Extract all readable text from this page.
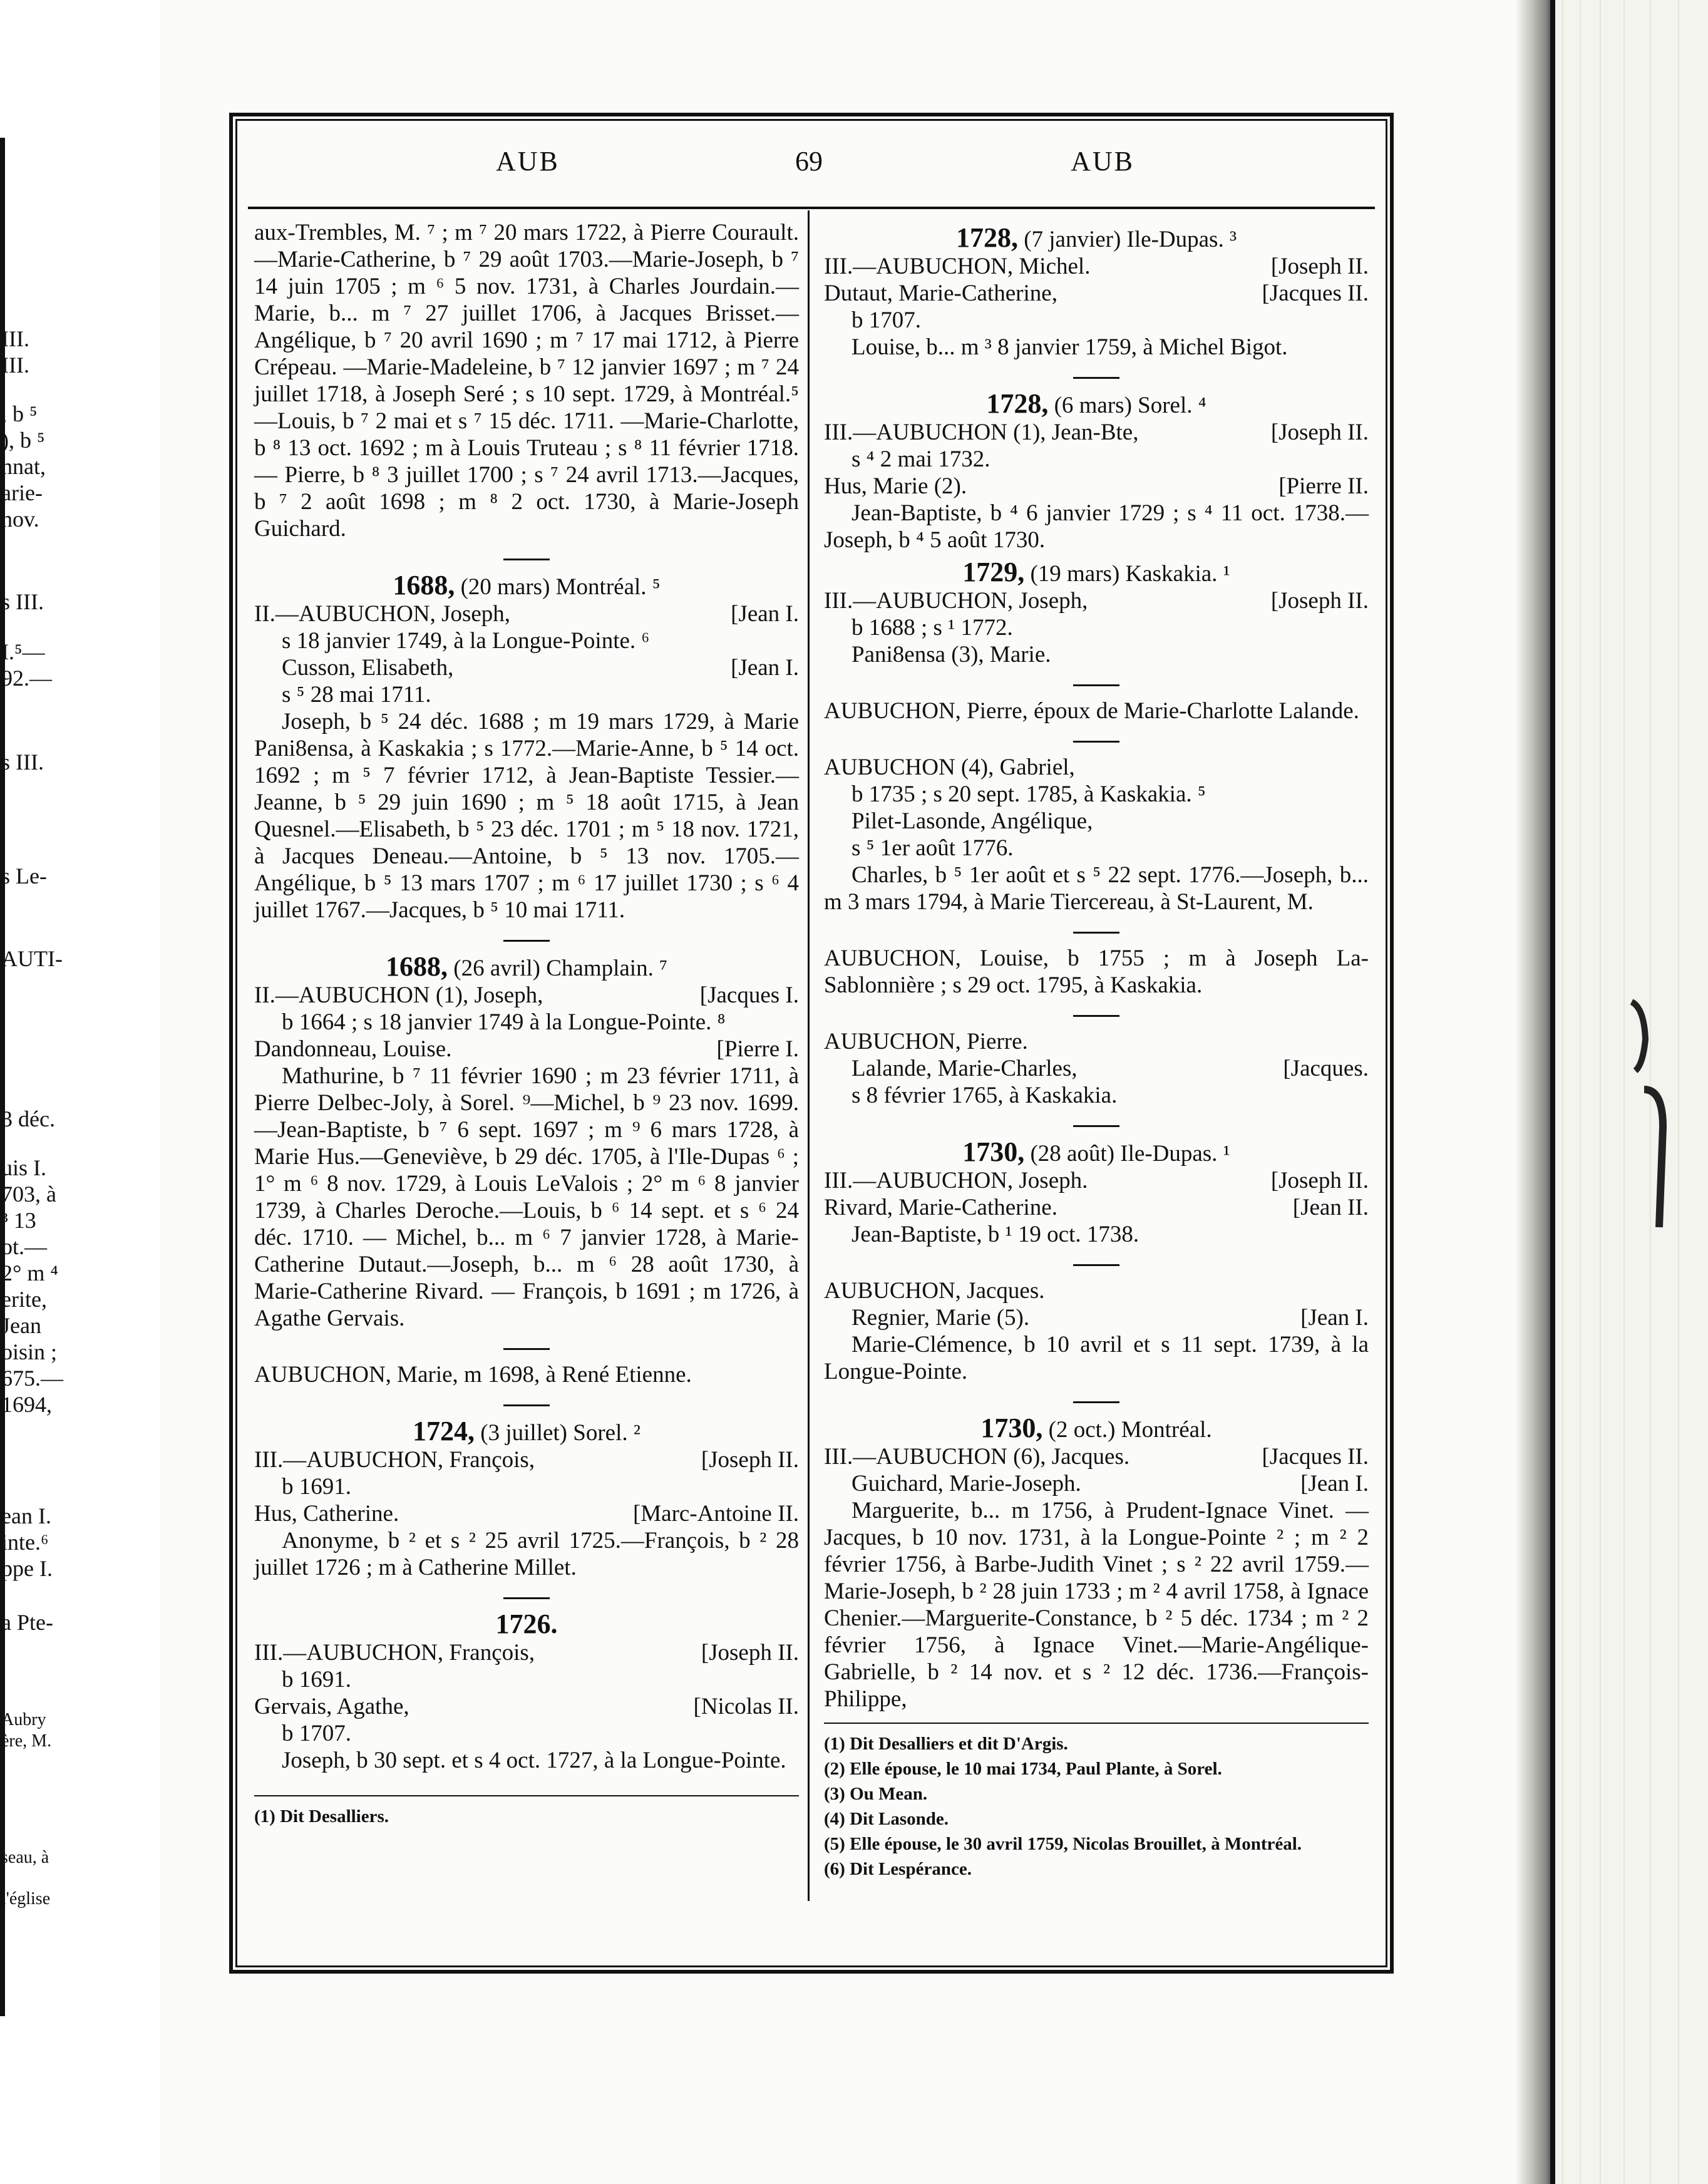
III.
III.
, b ⁵
), b ⁵
nnat,
arie-
nov.
s III.
I.⁵—
92.—
s III.
s Le-
AUTI-
3 déc.
uis I.
703, à
³ 13
ot.—
2° m ⁴
erite,
Jean
oisin ;
675.—
1694,
ean I.
inte.⁶
ppe I.
a Pte-
Aubry
ère, M.
seau, à
l'église
AUB	69	AUB

aux-Trembles, M. ⁷ ; m ⁷ 20 mars 1722, à Pierre Courault.—Marie-Catherine, b ⁷ 29 août 1703.—Marie-Joseph, b ⁷ 14 juin 1705 ; m ⁶ 5 nov. 1731, à Charles Jourdain.—Marie, b... m ⁷ 27 juillet 1706, à Jacques Brisset.—Angélique, b ⁷ 20 avril 1690 ; m ⁷ 17 mai 1712, à Pierre Crépeau. —Marie-Madeleine, b ⁷ 12 janvier 1697 ; m ⁷ 24 juillet 1718, à Joseph Seré ; s 10 sept. 1729, à Montréal.⁵—Louis, b ⁷ 2 mai et s ⁷ 15 déc. 1711. —Marie-Charlotte, b ⁸ 13 oct. 1692 ; m à Louis Truteau ; s ⁸ 11 février 1718. — Pierre, b ⁸ 3 juillet 1700 ; s ⁷ 24 avril 1713.—Jacques, b ⁷ 2 août 1698 ; m ⁸ 2 oct. 1730, à Marie-Joseph Guichard.

1688, (20 mars) Montréal. ⁵
II.—AUBUCHON, Joseph,	[Jean I.
s 18 janvier 1749, à la Longue-Pointe. ⁶
Cusson, Elisabeth,	[Jean I.
s ⁵ 28 mai 1711.

Joseph, b ⁵ 24 déc. 1688 ; m 19 mars 1729, à Marie Pani8ensa, à Kaskakia ; s 1772.—Marie-Anne, b ⁵ 14 oct. 1692 ; m ⁵ 7 février 1712, à Jean-Baptiste Tessier.—Jeanne, b ⁵ 29 juin 1690 ; m ⁵ 18 août 1715, à Jean Quesnel.—Elisabeth, b ⁵ 23 déc. 1701 ; m ⁵ 18 nov. 1721, à Jacques Deneau.—Antoine, b ⁵ 13 nov. 1705.—Angélique, b ⁵ 13 mars 1707 ; m ⁶ 17 juillet 1730 ; s ⁶ 4 juillet 1767.—Jacques, b ⁵ 10 mai 1711.

1688, (26 avril) Champlain. ⁷
II.—AUBUCHON (1), Joseph,	[Jacques I.
b 1664 ; s 18 janvier 1749 à la Longue-Pointe. ⁸
Dandonneau, Louise.	[Pierre I.

Mathurine, b ⁷ 11 février 1690 ; m 23 février 1711, à Pierre Delbec-Joly, à Sorel. ⁹—Michel, b ⁹ 23 nov. 1699.—Jean-Baptiste, b ⁷ 6 sept. 1697 ; m ⁹ 6 mars 1728, à Marie Hus.—Geneviève, b 29 déc. 1705, à l'Ile-Dupas ⁶ ; 1° m ⁶ 8 nov. 1729, à Louis LeValois ; 2° m ⁶ 8 janvier 1739, à Charles Deroche.—Louis, b ⁶ 14 sept. et s ⁶ 24 déc. 1710. — Michel, b... m ⁶ 7 janvier 1728, à Marie-Catherine Dutaut.—Joseph, b... m ⁶ 28 août 1730, à Marie-Catherine Rivard. — François, b 1691 ; m 1726, à Agathe Gervais.

AUBUCHON, Marie, m 1698, à René Etienne.

1724, (3 juillet) Sorel. ²
III.—AUBUCHON, François,	[Joseph II.
b 1691.
Hus, Catherine.	[Marc-Antoine II.

Anonyme, b ² et s ² 25 avril 1725.—François, b ² 28 juillet 1726 ; m à Catherine Millet.

1726.
III.—AUBUCHON, François,	[Joseph II.
b 1691.
Gervais, Agathe,	[Nicolas II.
b 1707.

Joseph, b 30 sept. et s 4 oct. 1727, à la Longue-Pointe.

(1) Dit Desalliers.
1728, (7 janvier) Ile-Dupas. ³
III.—AUBUCHON, Michel.	[Joseph II.
Dutaut, Marie-Catherine,	[Jacques II.
b 1707.

Louise, b... m ³ 8 janvier 1759, à Michel Bigot.

1728, (6 mars) Sorel. ⁴
III.—AUBUCHON (1), Jean-Bte,	[Joseph II.
s ⁴ 2 mai 1732.
Hus, Marie (2).	[Pierre II.

Jean-Baptiste, b ⁴ 6 janvier 1729 ; s ⁴ 11 oct. 1738.—Joseph, b ⁴ 5 août 1730.

1729, (19 mars) Kaskakia. ¹
III.—AUBUCHON, Joseph,	[Joseph II.
b 1688 ; s ¹ 1772.
Pani8ensa (3), Marie.

AUBUCHON, Pierre, époux de Marie-Charlotte Lalande.

AUBUCHON (4), Gabriel,
b 1735 ; s 20 sept. 1785, à Kaskakia. ⁵
Pilet-Lasonde, Angélique,
s ⁵ 1er août 1776.

Charles, b ⁵ 1er août et s ⁵ 22 sept. 1776.—Joseph, b... m 3 mars 1794, à Marie Tiercereau, à St-Laurent, M.

AUBUCHON, Louise, b 1755 ; m à Joseph La-Sablonnière ; s 29 oct. 1795, à Kaskakia.

AUBUCHON, Pierre.
Lalande, Marie-Charles,	[Jacques.
s 8 février 1765, à Kaskakia.
1730, (28 août) Ile-Dupas. ¹
III.—AUBUCHON, Joseph.	[Joseph II.
Rivard, Marie-Catherine.	[Jean II.

Jean-Baptiste, b ¹ 19 oct. 1738.

AUBUCHON, Jacques.
Regnier, Marie (5).	[Jean I.

Marie-Clémence, b 10 avril et s 11 sept. 1739, à la Longue-Pointe.

1730, (2 oct.) Montréal.
III.—AUBUCHON (6), Jacques.	[Jacques II.
Guichard, Marie-Joseph.	[Jean I.

Marguerite, b... m 1756, à Prudent-Ignace Vinet. — Jacques, b 10 nov. 1731, à la Longue-Pointe ² ; m ² 2 février 1756, à Barbe-Judith Vinet ; s ² 22 avril 1759.—Marie-Joseph, b ² 28 juin 1733 ; m ² 4 avril 1758, à Ignace Chenier.—Marguerite-Constance, b ² 5 déc. 1734 ; m ² 2 février 1756, à Ignace Vinet.—Marie-Angélique-Gabrielle, b ² 14 nov. et s ² 12 déc. 1736.—François-Philippe,

(1) Dit Desalliers et dit D'Argis.
(2) Elle épouse, le 10 mai 1734, Paul Plante, à Sorel.
(3) Ou Mean.
(4) Dit Lasonde.
(5) Elle épouse, le 30 avril 1759, Nicolas Brouillet, à Montréal.
(6) Dit Lespérance.
